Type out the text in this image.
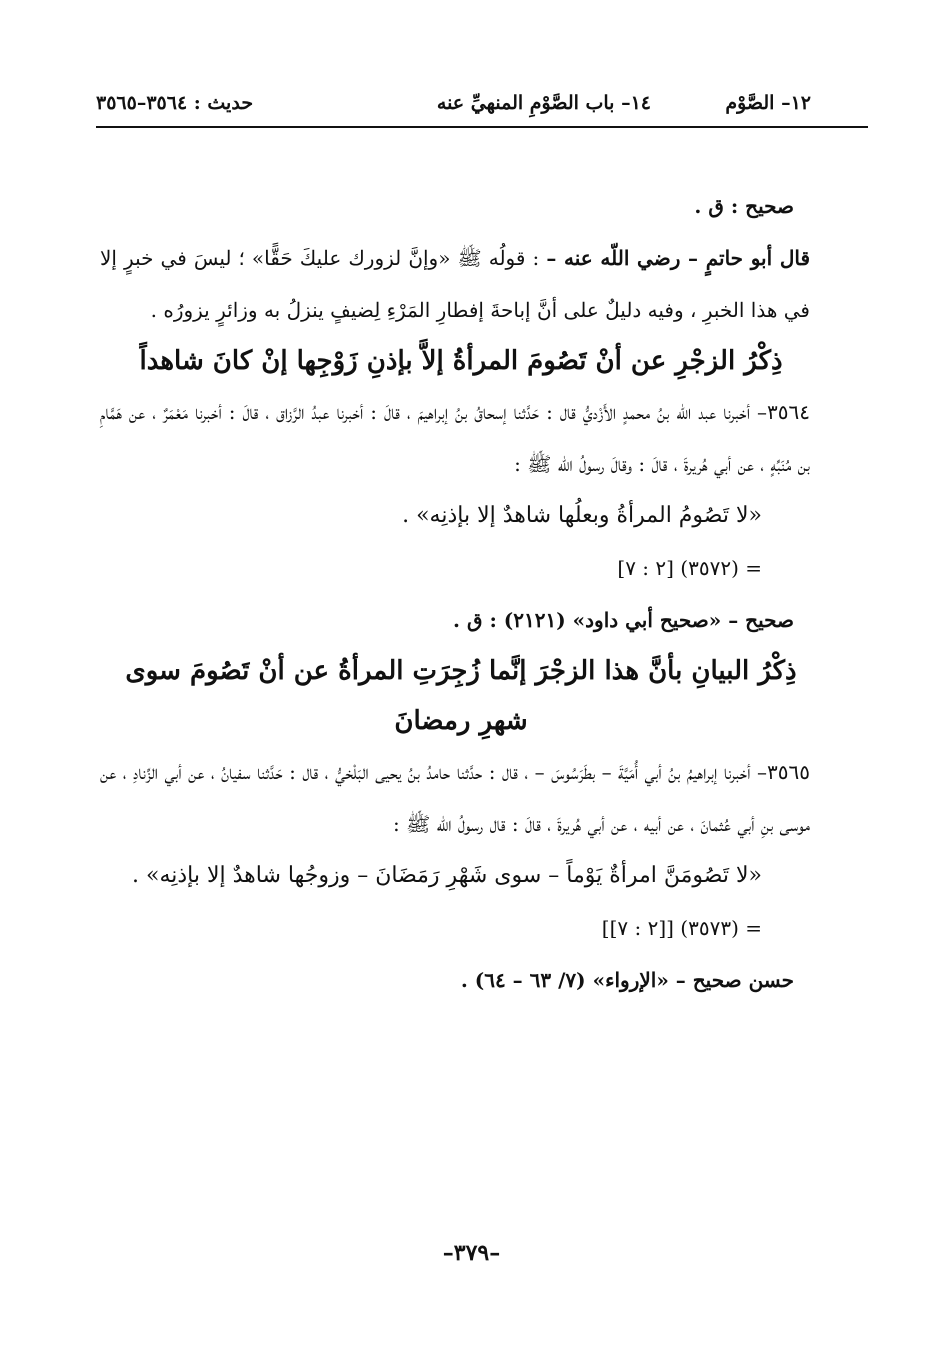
١٢– الصَّوْم
١٤– باب الصَّوْمِ المنهيِّ عنه
حديث : ٣٥٦٤–٣٥٦٥

صحيح : ق .

قال أبو حاتمٍ – رضي اللّه عنه – : قولُه ﷺ «وإنَّ لزورك عليكَ حَقًّا» ؛ ليسَ في خبرٍ إلا في هذا الخبرِ ، وفيه دليلٌ على أنَّ إباحةَ إفطارِ المَرْءِ لِضيفٍ ينزلُ به وزائرٍ يزورُه .

ذِكْرُ الزجْرِ عن أنْ تَصُومَ المرأةُ إلاَّ بإذنِ زَوْجِها إنْ كانَ شاهداً

٣٥٦٤– أخبرنا عبد اللّه بنُ محمدٍ الأَزْديُّ قال : حَدَّثنا إسحاقُ بنُ إبراهيمَ ، قالَ : أخبرنا عبدُ الرَّزاق ، قالَ : أخبرنا مَعْمَرٌ ، عن هَمَّامِ بن مُنَبِّهٍ ، عن أبي هُريرةَ ، قالَ : وقالَ رسولُ اللّه ﷺ :

«لا تَصُومُ المرأةُ وبعلُها شاهدٌ إلا بإذنِه» .

= (٣٥٧٢) [٢ : ٧]

صحيح – «صحيح أبي داود» (٢١٢١) : ق .

ذِكْرُ البيانِ بأنَّ هذا الزجْرَ إنَّما زُجِرَتِ المرأةُ عن أنْ تَصُومَ سوى شهرِ رمضانَ

٣٥٦٥– أخبرنا إبراهيمُ بنُ أبي أُمَيَّةَ – بطَرَسُوسَ – ، قال : حدَّثنا حامدُ بنُ يحيى البَلْخيُّ ، قال : حَدَّثنا سفيانُ ، عن أبي الزِّنادِ ، عن موسى بنِ أبي عُثمانَ ، عن أبيه ، عن أبي هُريرةَ ، قالَ : قال رسولُ اللّه ﷺ :

«لا تَصُومَنَّ امرأةٌ يَوْماً – سوى شَهْرِ رَمَضَانَ – وزوجُها شاهدٌ إلا بإذنِه» .

= (٣٥٧٣) [[٢ : ٧]]

حسن صحيح – «الإرواء» (٧/ ٦٣ – ٦٤) .

–٣٧٩–
